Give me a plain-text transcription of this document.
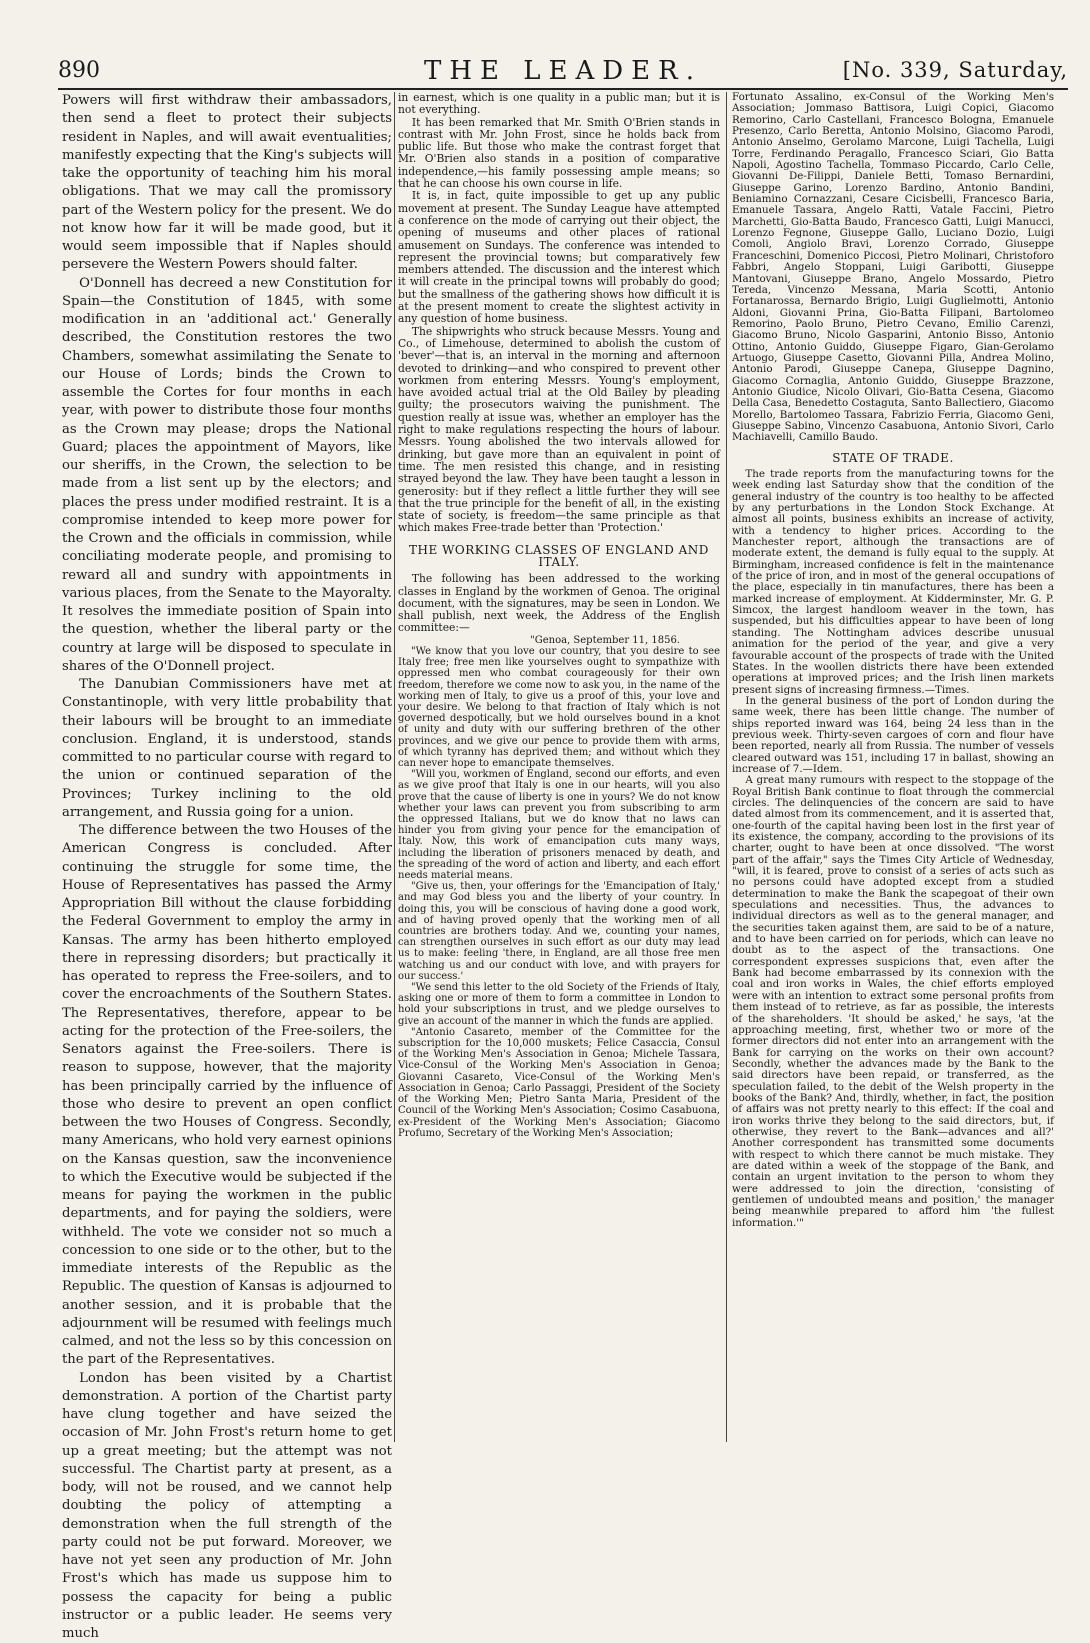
890	THE LEADER.	[No. 339, Saturday,

Powers will first withdraw their ambassadors, then send a fleet to protect their subjects resident in Naples, and will await eventualities; manifestly expecting that the King's subjects will take the opportunity of teaching him his moral obligations. That we may call the promissory part of the Western policy for the present. We do not know how far it will be made good, but it would seem impossible that if Naples should persevere the Western Powers should falter.

O'Donnell has decreed a new Constitution for Spain—the Constitution of 1845, with some modification in an 'additional act.' Generally described, the Constitution restores the two Chambers, somewhat assimilating the Senate to our House of Lords; binds the Crown to assemble the Cortes for four months in each year, with power to distribute those four months as the Crown may please; drops the National Guard; places the appointment of Mayors, like our sheriffs, in the Crown, the selection to be made from a list sent up by the electors; and places the press under modified restraint. It is a compromise intended to keep more power for the Crown and the officials in commission, while conciliating moderate people, and promising to reward all and sundry with appointments in various places, from the Senate to the Mayoralty. It resolves the immediate position of Spain into the question, whether the liberal party or the country at large will be disposed to speculate in shares of the O'Donnell project.

The Danubian Commissioners have met at Constantinople, with very little probability that their labours will be brought to an immediate conclusion. England, it is understood, stands committed to no particular course with regard to the union or continued separation of the Provinces; Turkey inclining to the old arrangement, and Russia going for a union.

The difference between the two Houses of the American Congress is concluded. After continuing the struggle for some time, the House of Representatives has passed the Army Appropriation Bill without the clause forbidding the Federal Government to employ the army in Kansas. The army has been hitherto employed there in repressing disorders; but practically it has operated to repress the Free-soilers, and to cover the encroachments of the Southern States. The Representatives, therefore, appear to be acting for the protection of the Free-soilers, the Senators against the Free-soilers. There is reason to suppose, however, that the majority has been principally carried by the influence of those who desire to prevent an open conflict between the two Houses of Congress. Secondly, many Americans, who hold very earnest opinions on the Kansas question, saw the inconvenience to which the Executive would be subjected if the means for paying the workmen in the public departments, and for paying the soldiers, were withheld. The vote we consider not so much a concession to one side or to the other, but to the immediate interests of the Republic as the Republic. The question of Kansas is adjourned to another session, and it is probable that the adjournment will be resumed with feelings much calmed, and not the less so by this concession on the part of the Representatives.

London has been visited by a Chartist demonstration. A portion of the Chartist party have clung together and have seized the occasion of Mr. John Frost's return home to get up a great meeting; but the attempt was not successful. The Chartist party at present, as a body, will not be roused, and we cannot help doubting the policy of attempting a demonstration when the full strength of the party could not be put forward. Moreover, we have not yet seen any production of Mr. John Frost's which has made us suppose him to possess the capacity for being a public instructor or a public leader. He seems very much

in earnest, which is one quality in a public man; but it is not everything.

It has been remarked that Mr. Smith O'Brien stands in contrast with Mr. John Frost, since he holds back from public life. But those who make the contrast forget that Mr. O'Brien also stands in a position of comparative independence,—his family possessing ample means; so that he can choose his own course in life.

It is, in fact, quite impossible to get up any public movement at present. The Sunday League have attempted a conference on the mode of carrying out their object, the opening of museums and other places of rational amusement on Sundays. The conference was intended to represent the provincial towns; but comparatively few members attended. The discussion and the interest which it will create in the principal towns will probably do good; but the smallness of the gathering shows how difficult it is at the present moment to create the slightest activity in any question of home business.

The shipwrights who struck because Messrs. Young and Co., of Limehouse, determined to abolish the custom of 'bever'—that is, an interval in the morning and afternoon devoted to drinking—and who conspired to prevent other workmen from entering Messrs. Young's employment, have avoided actual trial at the Old Bailey by pleading guilty; the prosecutors waiving the punishment. The question really at issue was, whether an employer has the right to make regulations respecting the hours of labour. Messrs. Young abolished the two intervals allowed for drinking, but gave more than an equivalent in point of time. The men resisted this change, and in resisting strayed beyond the law. They have been taught a lesson in generosity: but if they reflect a little further they will see that the true principle for the benefit of all, in the existing state of society, is freedom—the same principle as that which makes Free-trade better than 'Protection.'

THE WORKING CLASSES OF ENGLAND AND ITALY.

The following has been addressed to the working classes in England by the workmen of Genoa. The original document, with the signatures, may be seen in London. We shall publish, next week, the Address of the English committee:—

"Genoa, September 11, 1856.

"We know that you love our country, that you desire to see Italy free; free men like yourselves ought to sympathize with oppressed men who combat courageously for their own freedom, therefore we come now to ask you, in the name of the working men of Italy, to give us a proof of this, your love and your desire. We belong to that fraction of Italy which is not governed despotically, but we hold ourselves bound in a knot of unity and duty with our suffering brethren of the other provinces, and we give our pence to provide them with arms, of which tyranny has deprived them; and without which they can never hope to emancipate themselves.

"Will you, workmen of England, second our efforts, and even as we give proof that Italy is one in our hearts, will you also prove that the cause of liberty is one in yours? We do not know whether your laws can prevent you from subscribing to arm the oppressed Italians, but we do know that no laws can hinder you from giving your pence for the emancipation of Italy. Now, this work of emancipation cuts many ways, including the liberation of prisoners menaced by death, and the spreading of the word of action and liberty, and each effort needs material means.

"Give us, then, your offerings for the 'Emancipation of Italy,' and may God bless you and the liberty of your country. In doing this, you will be conscious of having done a good work, and of having proved openly that the working men of all countries are brothers today. And we, counting your names, can strengthen ourselves in such effort as our duty may lead us to make: feeling 'there, in England, are all those free men watching us and our conduct with love, and with prayers for our success.'

"We send this letter to the old Society of the Friends of Italy, asking one or more of them to form a committee in London to hold your subscriptions in trust, and we pledge ourselves to give an account of the manner in which the funds are applied.

"Antonio Casareto, member of the Committee for the subscription for the 10,000 muskets; Felice Casaccia, Consul of the Working Men's Association in Genoa; Michele Tassara, Vice-Consul of the Working Men's Association in Genoa; Giovanni Casareto, Vice-Consul of the Working Men's Association in Genoa; Carlo Passaggi, President of the Society of the Working Men; Pietro Santa Maria, President of the Council of the Working Men's Association; Cosimo Casabuona, ex-President of the Working Men's Association; Giacomo Profumo, Secretary of the Working Men's Association;

Fortunato Assalino, ex-Consul of the Working Men's Association; Jommaso Battisora, Luigi Copici, Giacomo Remorino, Carlo Castellani, Francesco Bologna, Emanuele Presenzo, Carlo Beretta, Antonio Molsino, Giacomo Parodi, Antonio Anselmo, Gerolamo Marcone, Luigi Tachella, Luigi Torre, Ferdinando Peragallo, Francesco Sciari, Gio Batta Napoli, Agostino Tachella, Tommaso Piccardo, Carlo Celle, Giovanni De-Filippi, Daniele Betti, Tomaso Bernardini, Giuseppe Garino, Lorenzo Bardino, Antonio Bandini, Beniamino Cornazzani, Cesare Cicisbelli, Francesco Baria, Emanuele Tassara, Angelo Ratti, Vatale Faccini, Pietro Marchetti, Gio-Batta Baudo, Francesco Gatti, Luigi Manucci, Lorenzo Fegnone, Giuseppe Gallo, Luciano Dozio, Luigi Comoli, Angiolo Bravi, Lorenzo Corrado, Giuseppe Franceschini, Domenico Piccosi, Pietro Molinari, Christoforo Fabbri, Angelo Stoppani, Luigi Garibotti, Giuseppe Mantovani, Giuseppe Brano, Angelo Mossardo, Pietro Tereda, Vincenzo Messana, Maria Scotti, Antonio Fortanarossa, Bernardo Brigio, Luigi Guglielmotti, Antonio Aldoni, Giovanni Prina, Gio-Batta Filipani, Bartolomeo Remorino, Paolo Bruno, Pietro Cevano, Emilio Carenzi, Giacomo Bruno, Nicolo Gasparini, Antonio Bisso, Antonio Ottino, Antonio Guiddo, Giuseppe Figaro, Gian-Gerolamo Artuogo, Giuseppe Casetto, Giovanni Pilla, Andrea Molino, Antonio Parodi, Giuseppe Canepa, Giuseppe Dagnino, Giacomo Cornaglia, Antonio Guiddo, Giuseppe Brazzone, Antonio Giudice, Nicolo Olivari, Gio-Batta Cesena, Giacomo Della Casa, Benedetto Costaguta, Santo Ballectiero, Giacomo Morello, Bartolomeo Tassara, Fabrizio Ferria, Giacomo Geni, Giuseppe Sabino, Vincenzo Casabuona, Antonio Sivori, Carlo Machiavelli, Camillo Baudo.

STATE OF TRADE.

The trade reports from the manufacturing towns for the week ending last Saturday show that the condition of the general industry of the country is too healthy to be affected by any perturbations in the London Stock Exchange. At almost all points, business exhibits an increase of activity, with a tendency to higher prices. According to the Manchester report, although the transactions are of moderate extent, the demand is fully equal to the supply. At Birmingham, increased confidence is felt in the maintenance of the price of iron, and in most of the general occupations of the place, especially in tin manufactures, there has been a marked increase of employment. At Kidderminster, Mr. G. P. Simcox, the largest handloom weaver in the town, has suspended, but his difficulties appear to have been of long standing. The Nottingham advices describe unusual animation for the period of the year, and give a very favourable account of the prospects of trade with the United States. In the woollen districts there have been extended operations at improved prices; and the Irish linen markets present signs of increasing firmness.—Times.

In the general business of the port of London during the same week, there has been little change. The number of ships reported inward was 164, being 24 less than in the previous week. Thirty-seven cargoes of corn and flour have been reported, nearly all from Russia. The number of vessels cleared outward was 151, including 17 in ballast, showing an increase of 7.—Idem.

A great many rumours with respect to the stoppage of the Royal British Bank continue to float through the commercial circles. The delinquencies of the concern are said to have dated almost from its commencement, and it is asserted that, one-fourth of the capital having been lost in the first year of its existence, the company, according to the provisions of its charter, ought to have been at once dissolved. "The worst part of the affair," says the Times City Article of Wednesday, "will, it is feared, prove to consist of a series of acts such as no persons could have adopted except from a studied determination to make the Bank the scapegoat of their own speculations and necessities. Thus, the advances to individual directors as well as to the general manager, and the securities taken against them, are said to be of a nature, and to have been carried on for periods, which can leave no doubt as to the aspect of the transactions. One correspondent expresses suspicions that, even after the Bank had become embarrassed by its connexion with the coal and iron works in Wales, the chief efforts employed were with an intention to extract some personal profits from them instead of to retrieve, as far as possible, the interests of the shareholders. 'It should be asked,' he says, 'at the approaching meeting, first, whether two or more of the former directors did not enter into an arrangement with the Bank for carrying on the works on their own account? Secondly, whether the advances made by the Bank to the said directors have been repaid, or transferred, as the speculation failed, to the debit of the Welsh property in the books of the Bank? And, thirdly, whether, in fact, the position of affairs was not pretty nearly to this effect: If the coal and iron works thrive they belong to the said directors, but, if otherwise, they revert to the Bank—advances and all?' Another correspondent has transmitted some documents with respect to which there cannot be much mistake. They are dated within a week of the stoppage of the Bank, and contain an urgent invitation to the person to whom they were addressed to join the direction, 'consisting of gentlemen of undoubted means and position,' the manager being meanwhile prepared to afford him 'the fullest information.'"
